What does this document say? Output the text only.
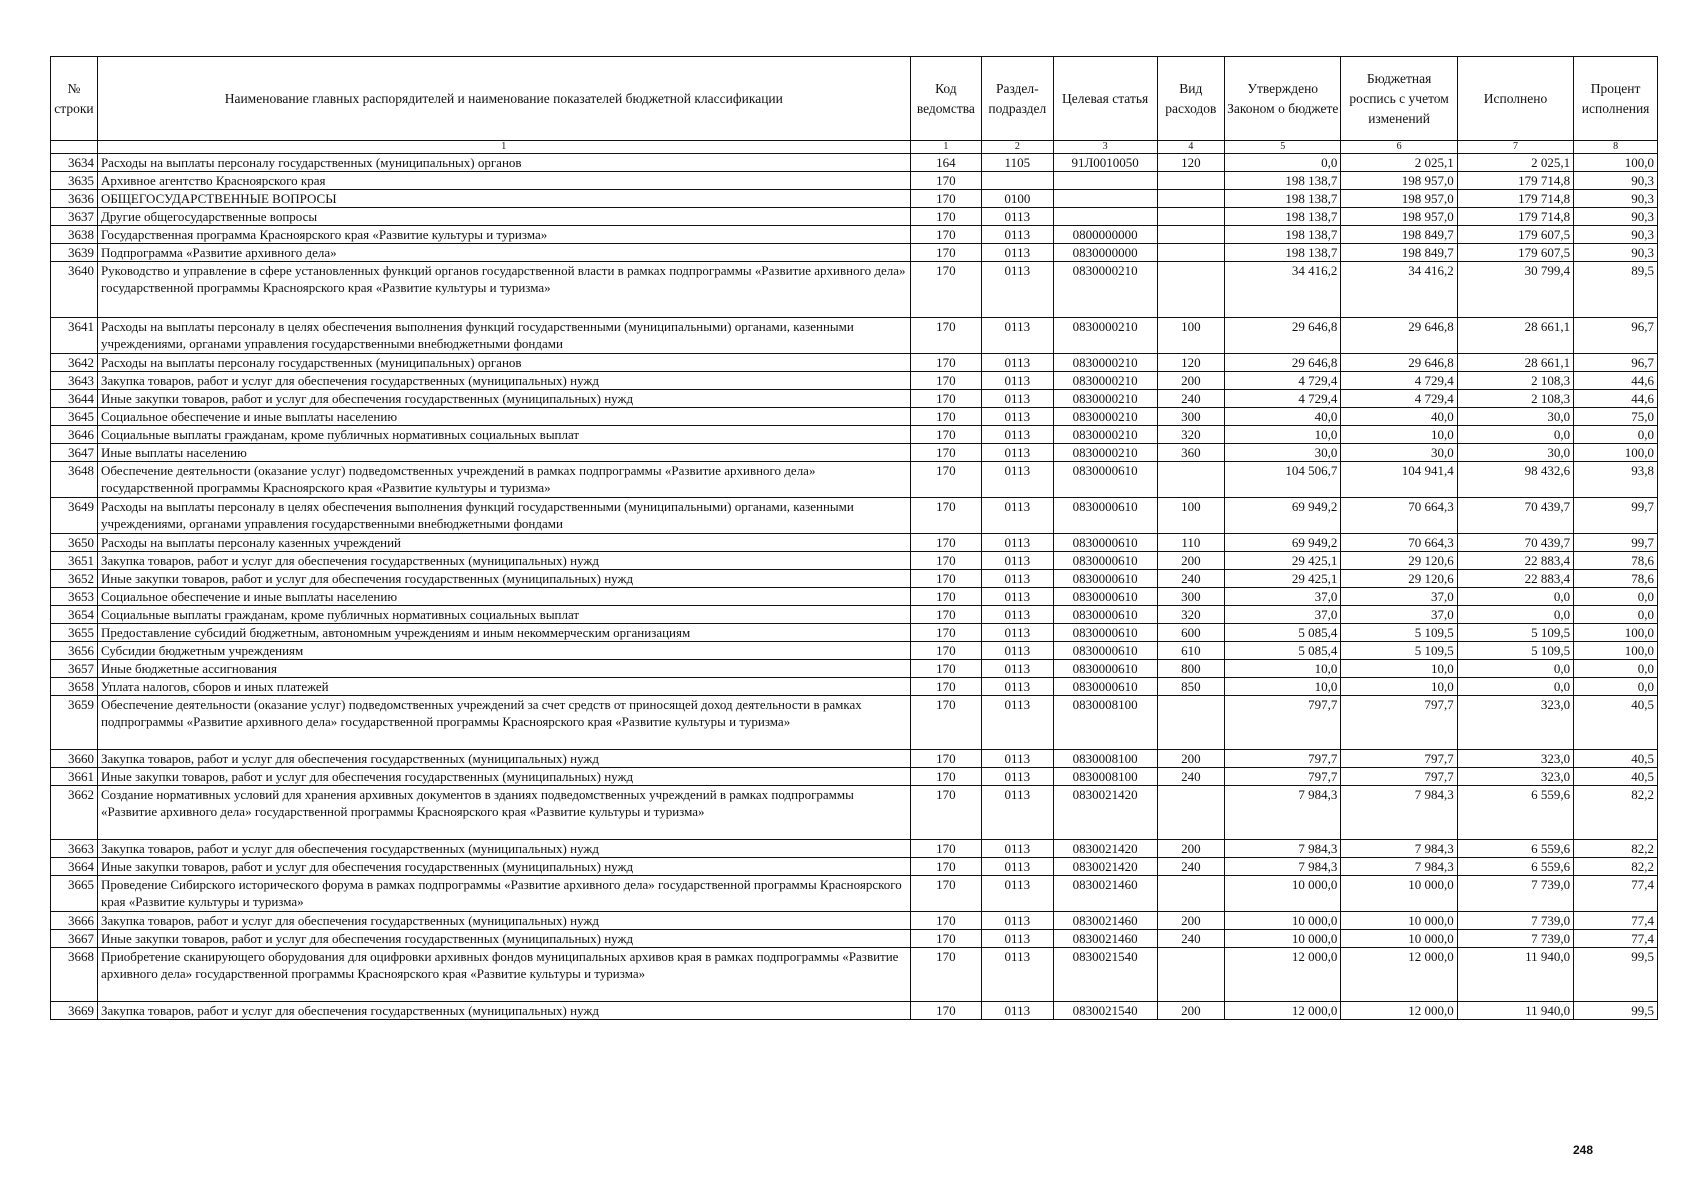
№ строки	Наименование главных распорядителей и наименование показателей бюджетной классификации	Код ведомства	Раздел-подраздел	Целевая статья	Вид расходов	Утверждено Законом о бюджете	Бюджетная роспись с учетом изменений	Исполнено	Процент исполнения
	1	1	2	3	4	5	6	7	8
3634	Расходы на выплаты персоналу государственных (муниципальных) органов	164	1105	91Л0010050	120	0,0	2 025,1	2 025,1	100,0
3635	Архивное агентство Красноярского края	170				198 138,7	198 957,0	179 714,8	90,3
3636	ОБЩЕГОСУДАРСТВЕННЫЕ ВОПРОСЫ	170	0100			198 138,7	198 957,0	179 714,8	90,3
3637	Другие общегосударственные вопросы	170	0113			198 138,7	198 957,0	179 714,8	90,3
3638	Государственная программа Красноярского края «Развитие культуры и туризма»	170	0113	0800000000		198 138,7	198 849,7	179 607,5	90,3
3639	Подпрограмма «Развитие архивного дела»	170	0113	0830000000		198 138,7	198 849,7	179 607,5	90,3
3640	Руководство и управление в сфере установленных функций органов государственной власти в рамках подпрограммы «Развитие архивного дела» государственной программы Красноярского края «Развитие культуры и туризма»	170	0113	0830000210		34 416,2	34 416,2	30 799,4	89,5
3641	Расходы на выплаты персоналу в целях обеспечения выполнения функций государственными (муниципальными) органами, казенными учреждениями, органами управления государственными внебюджетными фондами	170	0113	0830000210	100	29 646,8	29 646,8	28 661,1	96,7
3642	Расходы на выплаты персоналу государственных (муниципальных) органов	170	0113	0830000210	120	29 646,8	29 646,8	28 661,1	96,7
3643	Закупка товаров, работ и услуг для обеспечения государственных (муниципальных) нужд	170	0113	0830000210	200	4 729,4	4 729,4	2 108,3	44,6
3644	Иные закупки товаров, работ и услуг для обеспечения государственных (муниципальных) нужд	170	0113	0830000210	240	4 729,4	4 729,4	2 108,3	44,6
3645	Социальное обеспечение и иные выплаты населению	170	0113	0830000210	300	40,0	40,0	30,0	75,0
3646	Социальные выплаты гражданам, кроме публичных нормативных социальных выплат	170	0113	0830000210	320	10,0	10,0	0,0	0,0
3647	Иные выплаты населению	170	0113	0830000210	360	30,0	30,0	30,0	100,0
3648	Обеспечение деятельности (оказание услуг) подведомственных учреждений в рамках подпрограммы «Развитие архивного дела» государственной программы Красноярского края «Развитие культуры и туризма»	170	0113	0830000610		104 506,7	104 941,4	98 432,6	93,8
3649	Расходы на выплаты персоналу в целях обеспечения выполнения функций государственными (муниципальными) органами, казенными учреждениями, органами управления государственными внебюджетными фондами	170	0113	0830000610	100	69 949,2	70 664,3	70 439,7	99,7
3650	Расходы на выплаты персоналу казенных учреждений	170	0113	0830000610	110	69 949,2	70 664,3	70 439,7	99,7
3651	Закупка товаров, работ и услуг для обеспечения государственных (муниципальных) нужд	170	0113	0830000610	200	29 425,1	29 120,6	22 883,4	78,6
3652	Иные закупки товаров, работ и услуг для обеспечения государственных (муниципальных) нужд	170	0113	0830000610	240	29 425,1	29 120,6	22 883,4	78,6
3653	Социальное обеспечение и иные выплаты населению	170	0113	0830000610	300	37,0	37,0	0,0	0,0
3654	Социальные выплаты гражданам, кроме публичных нормативных социальных выплат	170	0113	0830000610	320	37,0	37,0	0,0	0,0
3655	Предоставление субсидий бюджетным, автономным учреждениям и иным некоммерческим организациям	170	0113	0830000610	600	5 085,4	5 109,5	5 109,5	100,0
3656	Субсидии бюджетным учреждениям	170	0113	0830000610	610	5 085,4	5 109,5	5 109,5	100,0
3657	Иные бюджетные ассигнования	170	0113	0830000610	800	10,0	10,0	0,0	0,0
3658	Уплата налогов, сборов и иных платежей	170	0113	0830000610	850	10,0	10,0	0,0	0,0
3659	Обеспечение деятельности (оказание услуг) подведомственных учреждений за счет средств от приносящей доход деятельности в рамках подпрограммы «Развитие архивного дела» государственной программы Красноярского края «Развитие культуры и туризма»	170	0113	0830008100		797,7	797,7	323,0	40,5
3660	Закупка товаров, работ и услуг для обеспечения государственных (муниципальных) нужд	170	0113	0830008100	200	797,7	797,7	323,0	40,5
3661	Иные закупки товаров, работ и услуг для обеспечения государственных (муниципальных) нужд	170	0113	0830008100	240	797,7	797,7	323,0	40,5
3662	Создание нормативных условий для хранения архивных документов в зданиях подведомственных учреждений в рамках подпрограммы «Развитие архивного дела» государственной программы Красноярского края «Развитие культуры и туризма»	170	0113	0830021420		7 984,3	7 984,3	6 559,6	82,2
3663	Закупка товаров, работ и услуг для обеспечения государственных (муниципальных) нужд	170	0113	0830021420	200	7 984,3	7 984,3	6 559,6	82,2
3664	Иные закупки товаров, работ и услуг для обеспечения государственных (муниципальных) нужд	170	0113	0830021420	240	7 984,3	7 984,3	6 559,6	82,2
3665	Проведение Сибирского исторического форума в рамках подпрограммы «Развитие архивного дела» государственной программы Красноярского края «Развитие культуры и туризма»	170	0113	0830021460		10 000,0	10 000,0	7 739,0	77,4
3666	Закупка товаров, работ и услуг для обеспечения государственных (муниципальных) нужд	170	0113	0830021460	200	10 000,0	10 000,0	7 739,0	77,4
3667	Иные закупки товаров, работ и услуг для обеспечения государственных (муниципальных) нужд	170	0113	0830021460	240	10 000,0	10 000,0	7 739,0	77,4
3668	Приобретение сканирующего оборудования для оцифровки архивных фондов муниципальных архивов края в рамках подпрограммы «Развитие архивного дела» государственной программы Красноярского края «Развитие культуры и туризма»	170	0113	0830021540		12 000,0	12 000,0	11 940,0	99,5
3669	Закупка товаров, работ и услуг для обеспечения государственных (муниципальных) нужд	170	0113	0830021540	200	12 000,0	12 000,0	11 940,0	99,5
248
